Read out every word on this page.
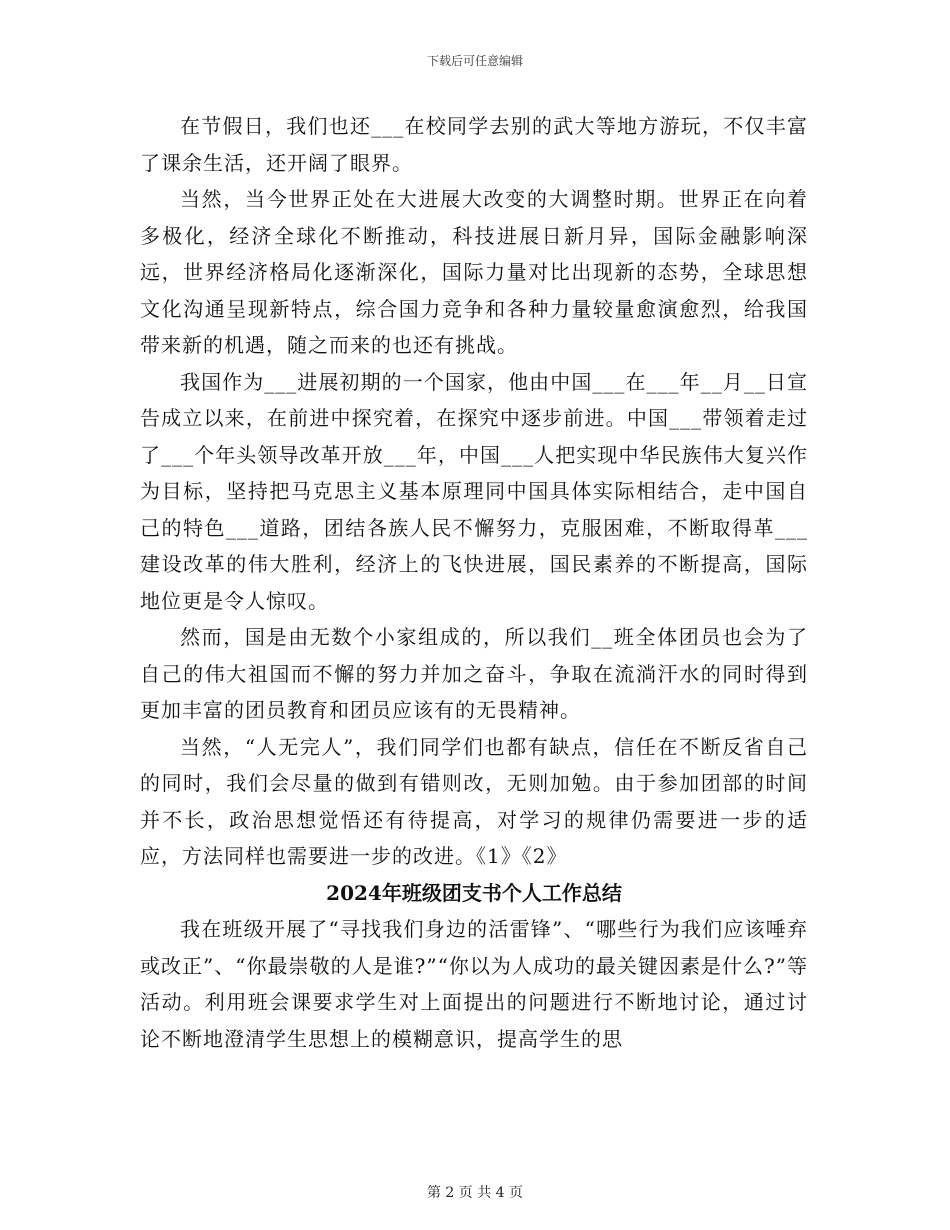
下载后可任意编辑

在节假日，我们也还___在校同学去别的武大等地方游玩，不仅丰富了课余生活，还开阔了眼界。

当然，当今世界正处在大进展大改变的大调整时期。世界正在向着多极化，经济全球化不断推动，科技进展日新月异，国际金融影响深远，世界经济格局化逐渐深化，国际力量对比出现新的态势，全球思想文化沟通呈现新特点，综合国力竞争和各种力量较量愈演愈烈，给我国带来新的机遇，随之而来的也还有挑战。

我国作为___进展初期的一个国家，他由中国___在___年__月__日宣告成立以来，在前进中探究着，在探究中逐步前进。中国___带领着走过了___个年头领导改革开放___年，中国___人把实现中华民族伟大复兴作为目标，坚持把马克思主义基本原理同中国具体实际相结合，走中国自己的特色___道路，团结各族人民不懈努力，克服困难，不断取得革___建设改革的伟大胜利，经济上的飞快进展，国民素养的不断提高，国际地位更是令人惊叹。

然而，国是由无数个小家组成的，所以我们__班全体团员也会为了自己的伟大祖国而不懈的努力并加之奋斗，争取在流淌汗水的同时得到更加丰富的团员教育和团员应该有的无畏精神。

当然，“人无完人”，我们同学们也都有缺点，信任在不断反省自己的同时，我们会尽量的做到有错则改，无则加勉。由于参加团部的时间并不长，政治思想觉悟还有待提高，对学习的规律仍需要进一步的适应，方法同样也需要进一步的改进。《1》《2》

2024年班级团支书个人工作总结

我在班级开展了“寻找我们身边的活雷锋”、“哪些行为我们应该唾弃或改正”、“你最崇敬的人是谁?”“你以为人成功的最关键因素是什么?”等活动。利用班会课要求学生对上面提出的问题进行不断地讨论，通过讨论不断地澄清学生思想上的模糊意识，提高学生的思

第 2 页 共 4 页
